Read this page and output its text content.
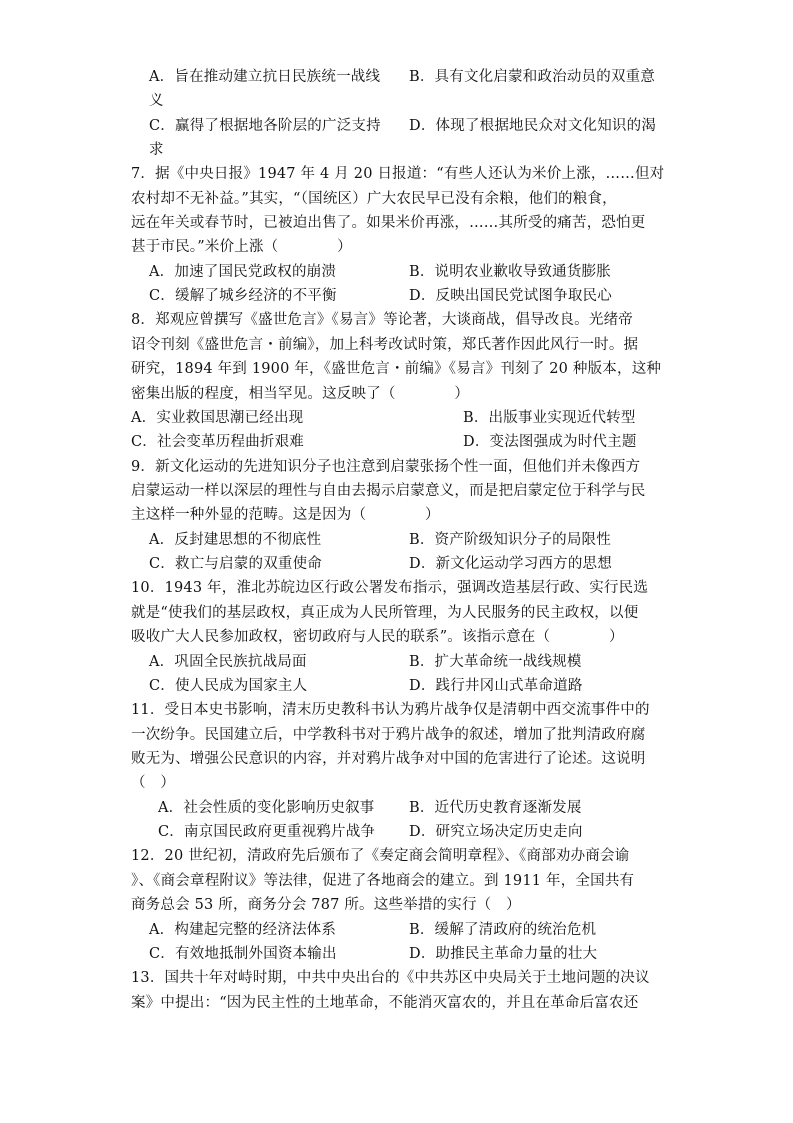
A．旨在推动建立抗日民族统一战线 B．具有文化启蒙和政治动员的双重意
义
C．赢得了根据地各阶层的广泛支持 D．体现了根据地民众对文化知识的渴
求
7．据《中央日报》1947 年 4 月 20 日报道：“有些人还认为米价上涨，……但对
农村却不无补益。”其实，“（国统区）广大农民早已没有余粮，他们的粮食，
远在年关或春节时，已被迫出售了。如果米价再涨，……其所受的痛苦，恐怕更
甚于市民。”米价上涨（　　　　）
A．加速了国民党政权的崩溃	B．说明农业歉收导致通货膨胀
C．缓解了城乡经济的不平衡	D．反映出国民党试图争取民心
8．郑观应曾撰写《盛世危言》《易言》等论著，大谈商战，倡导改良。光绪帝
诏令刊刻《盛世危言・前编》，加上科考改试时策，郑氏著作因此风行一时。据
研究，1894 年到 1900 年，《盛世危言・前编》《易言》刊刻了 20 种版本，这种
密集出版的程度，相当罕见。这反映了（　　　　）
A．实业救国思潮已经出现	B．出版事业实现近代转型
C．社会变革历程曲折艰难	D．变法图强成为时代主题
9．新文化运动的先进知识分子也注意到启蒙张扬个性一面，但他们并未像西方
启蒙运动一样以深层的理性与自由去揭示启蒙意义，而是把启蒙定位于科学与民
主这样一种外显的范畴。这是因为（　　　　）
A．反封建思想的不彻底性	B．资产阶级知识分子的局限性
C．救亡与启蒙的双重使命	D．新文化运动学习西方的思想
10．1943 年，淮北苏皖边区行政公署发布指示，强调改造基层行政、实行民选
就是“使我们的基层政权，真正成为人民所管理，为人民服务的民主政权，以便
吸收广大人民参加政权，密切政府与人民的联系”。该指示意在（　　　　）
A．巩固全民族抗战局面	B．扩大革命统一战线规模
C．使人民成为国家主人	D．践行井冈山式革命道路
11．受日本史书影响，清末历史教科书认为鸦片战争仅是清朝中西交流事件中的
一次纷争。民国建立后，中学教科书对于鸦片战争的叙述，增加了批判清政府腐
败无为、增强公民意识的内容，并对鸦片战争对中国的危害进行了论述。这说明
（　）
A．社会性质的变化影响历史叙事 B．近代历史教育逐渐发展
C．南京国民政府更重视鸦片战争 D．研究立场决定历史走向
12．20 世纪初，清政府先后颁布了《奏定商会简明章程》、《商部劝办商会谕
》、《商会章程附议》等法律，促进了各地商会的建立。到 1911 年，全国共有
商务总会 53 所，商务分会 787 所。这些举措的实行（　）
A．构建起完整的经济法体系	B．缓解了清政府的统治危机
C．有效地抵制外国资本输出	D．助推民主革命力量的壮大
13．国共十年对峙时期，中共中央出台的《中共苏区中央局关于土地问题的决议
案》中提出：“因为民主性的土地革命，不能消灭富农的，并且在革命后富农还
